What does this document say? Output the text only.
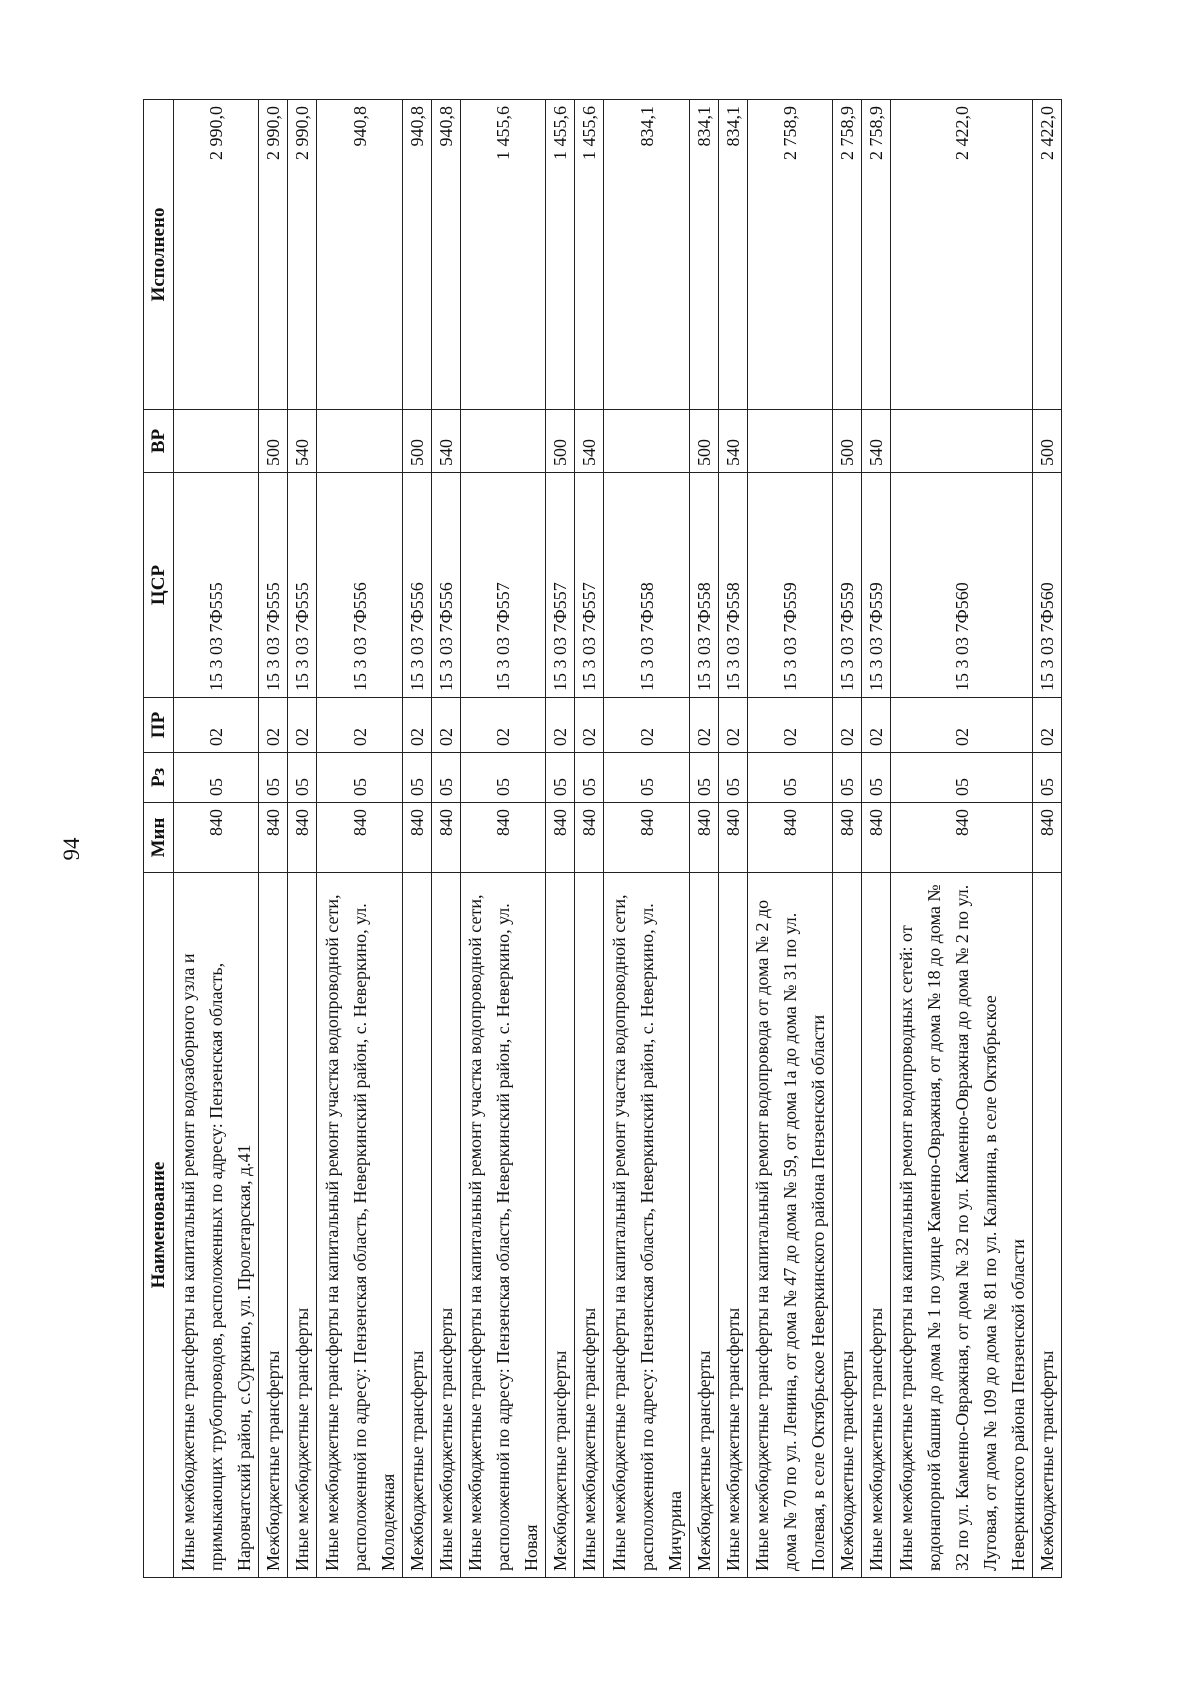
94
Наименование	Мин	Рз	ПР	ЦСР	ВР	Исполнено
Иные межбюджетные трансферты на капитальный ремонт водозаборного узла и примыкающих трубопроводов, расположенных по адресу: Пензенская область, Наровчатский район, с.Суркино, ул. Пролетарская, д.41	840	05	02	15 3 03 7Ф555		2 990,0
Межбюджетные трансферты	840	05	02	15 3 03 7Ф555	500	2 990,0
Иные межбюджетные трансферты	840	05	02	15 3 03 7Ф555	540	2 990,0
Иные межбюджетные трансферты на капитальный ремонт участка водопроводной сети, расположенной по адресу: Пензенская область, Неверкинский район, с. Неверкино, ул. Молодежная	840	05	02	15 3 03 7Ф556		940,8
Межбюджетные трансферты	840	05	02	15 3 03 7Ф556	500	940,8
Иные межбюджетные трансферты	840	05	02	15 3 03 7Ф556	540	940,8
Иные межбюджетные трансферты на капитальный ремонт участка водопроводной сети, расположенной по адресу: Пензенская область, Неверкинский район, с. Неверкино, ул. Новая	840	05	02	15 3 03 7Ф557		1 455,6
Межбюджетные трансферты	840	05	02	15 3 03 7Ф557	500	1 455,6
Иные межбюджетные трансферты	840	05	02	15 3 03 7Ф557	540	1 455,6
Иные межбюджетные трансферты на капитальный ремонт участка водопроводной сети, расположенной по адресу: Пензенская область, Неверкинский район, с. Неверкино, ул. Мичурина	840	05	02	15 3 03 7Ф558		834,1
Межбюджетные трансферты	840	05	02	15 3 03 7Ф558	500	834,1
Иные межбюджетные трансферты	840	05	02	15 3 03 7Ф558	540	834,1
Иные межбюджетные трансферты на капитальный ремонт водопровода от дома № 2 до дома № 70 по ул. Ленина, от дома № 47 до дома № 59, от дома 1а до дома № 31 по ул. Полевая, в селе Октябрьское Неверкинского района Пензенской области	840	05	02	15 3 03 7Ф559		2 758,9
Межбюджетные трансферты	840	05	02	15 3 03 7Ф559	500	2 758,9
Иные межбюджетные трансферты	840	05	02	15 3 03 7Ф559	540	2 758,9
Иные межбюджетные трансферты на капитальный ремонт водопроводных сетей: от водонапорной башни до дома № 1 по улице Каменно-Овражная, от дома № 18 до дома № 32 по ул. Каменно-Овражная, от дома № 32 по ул. Каменно-Овражная до дома № 2 по ул. Луговая, от дома № 109 до дома № 81 по ул. Калинина, в селе Октябрьское Неверкинского района Пензенской области	840	05	02	15 3 03 7Ф560		2 422,0
Межбюджетные трансферты	840	05	02	15 3 03 7Ф560	500	2 422,0
